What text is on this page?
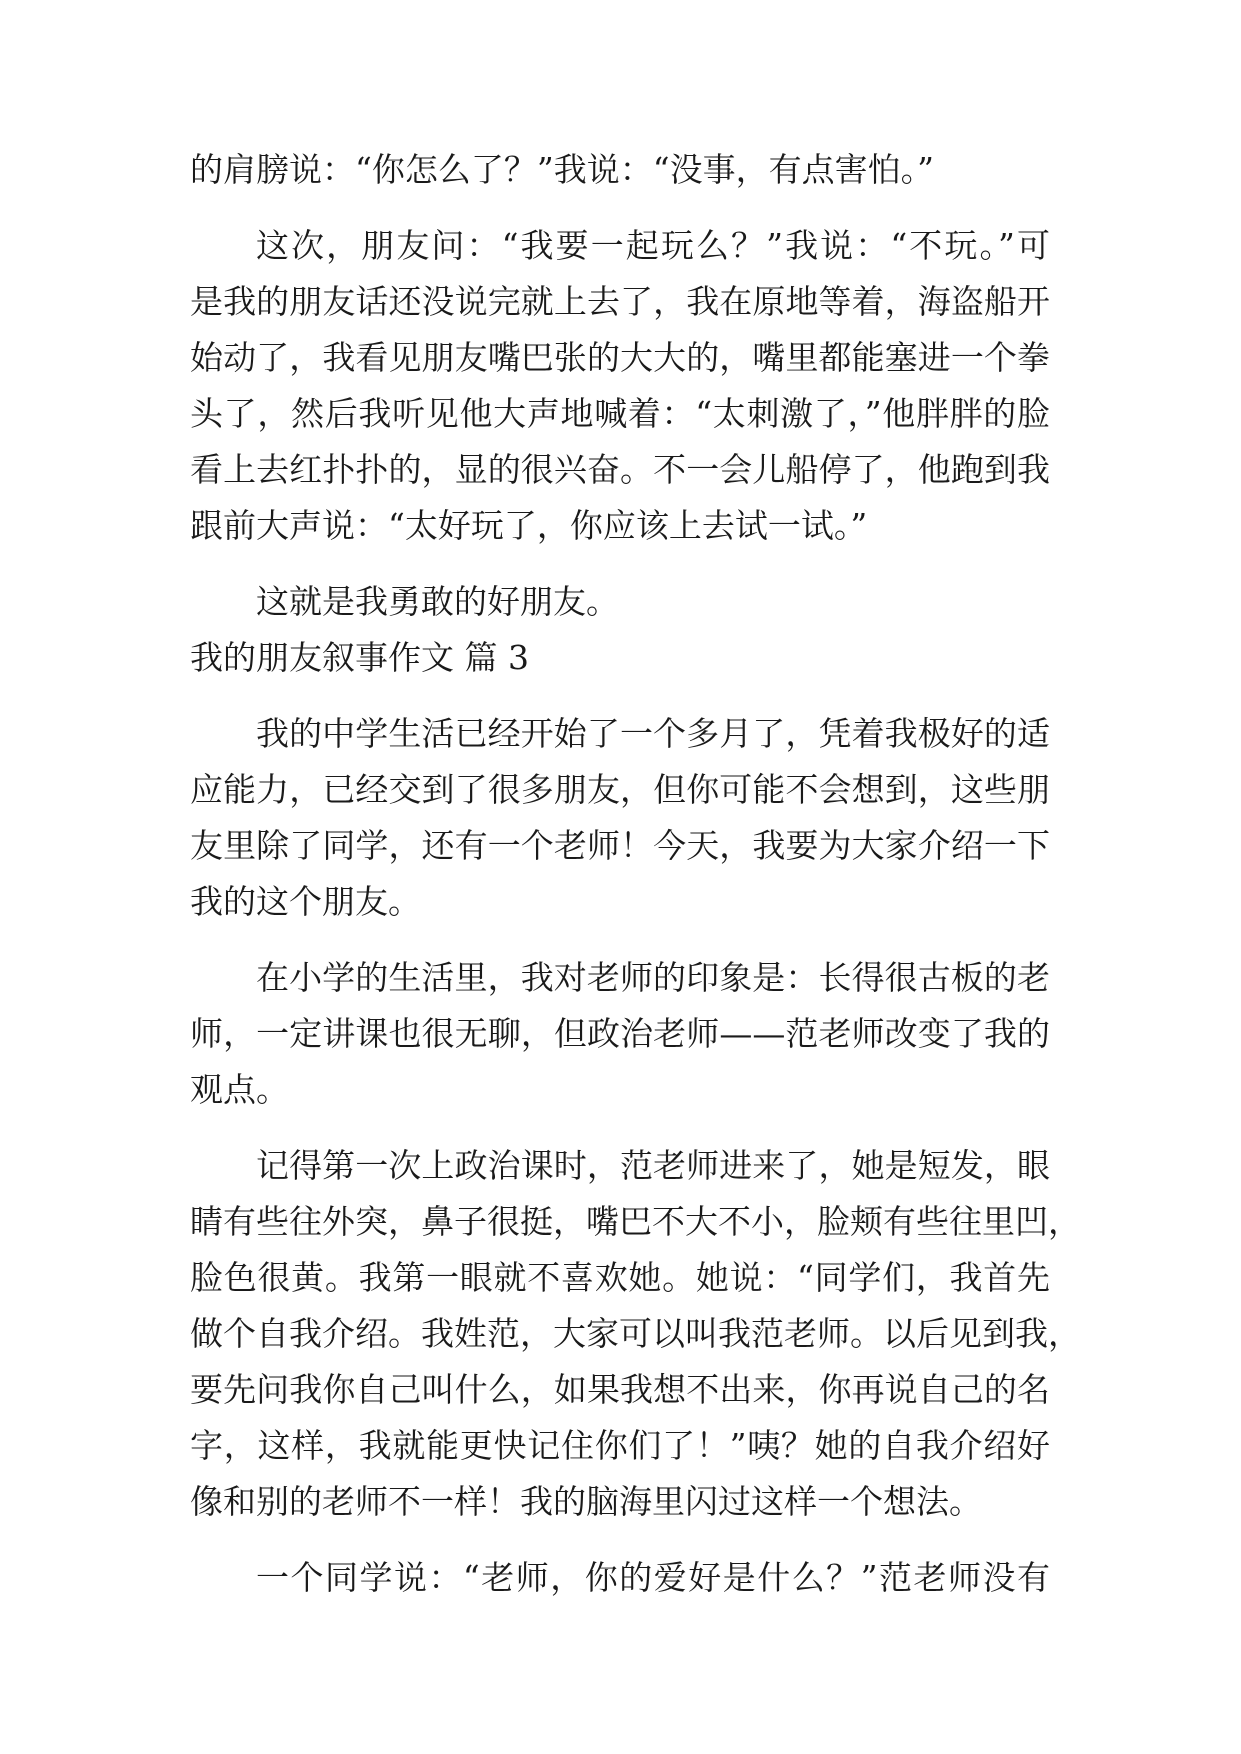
的肩膀说：“你怎么了？”我说：“没事，有点害怕。”
这次，朋友问：“我要一起玩么？”我说：“不玩。”可
是我的朋友话还没说完就上去了，我在原地等着，海盗船开
始动了，我看见朋友嘴巴张的大大的，嘴里都能塞进一个拳
头了，然后我听见他大声地喊着：“太刺激了，”他胖胖的脸
看上去红扑扑的，显的很兴奋。不一会儿船停了，他跑到我
跟前大声说：“太好玩了，你应该上去试一试。”
这就是我勇敢的好朋友。
我的朋友叙事作文 篇 3
我的中学生活已经开始了一个多月了，凭着我极好的适
应能力，已经交到了很多朋友，但你可能不会想到，这些朋
友里除了同学，还有一个老师！今天，我要为大家介绍一下
我的这个朋友。
在小学的生活里，我对老师的印象是：长得很古板的老
师，一定讲课也很无聊，但政治老师——范老师改变了我的
观点。
记得第一次上政治课时，范老师进来了，她是短发，眼
睛有些往外突，鼻子很挺，嘴巴不大不小，脸颊有些往里凹，
脸色很黄。我第一眼就不喜欢她。她说：“同学们，我首先
做个自我介绍。我姓范，大家可以叫我范老师。以后见到我，
要先问我你自己叫什么，如果我想不出来，你再说自己的名
字，这样，我就能更快记住你们了！”咦？她的自我介绍好
像和别的老师不一样！我的脑海里闪过这样一个想法。
一个同学说：“老师，你的爱好是什么？”范老师没有
